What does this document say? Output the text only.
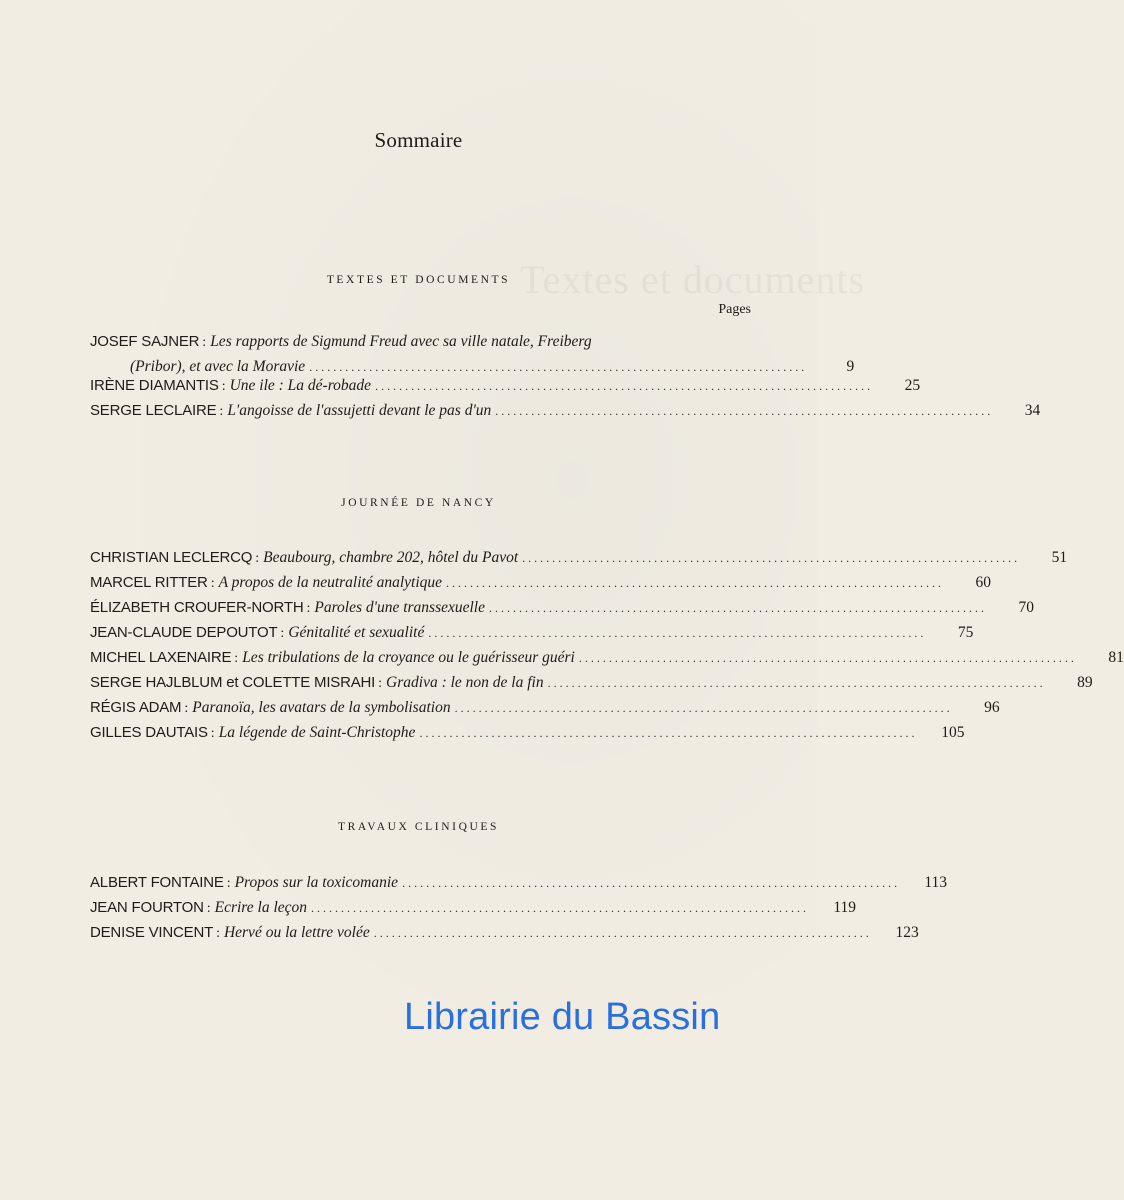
Textes et documents
Sommaire
TEXTES ET DOCUMENTS
Pages
JOSEF SAJNER : Les rapports de Sigmund Freud avec sa ville natale, Freiberg
(Pribor), et avec la Moravie . . .	9
IRÈNE DIAMANTIS : Une ile : La dé-robade . . .	25
SERGE LECLAIRE : L'angoisse de l'assujetti devant le pas d'un . . .	34
JOURNÉE DE NANCY
CHRISTIAN LECLERCQ : Beaubourg, chambre 202, hôtel du Pavot . . .	51
MARCEL RITTER : A propos de la neutralité analytique . . .	60
ÉLIZABETH CROUFER-NORTH : Paroles d'une transsexuelle . . .	70
JEAN-CLAUDE DEPOUTOT : Génitalité et sexualité . . .	75
MICHEL LAXENAIRE : Les tribulations de la croyance ou le guérisseur guéri . . .	81
SERGE HAJLBLUM et COLETTE MISRAHI : Gradiva : le non de la fin . . .	89
RÉGIS ADAM : Paranoïa, les avatars de la symbolisation . . .	96
GILLES DAUTAIS : La légende de Saint-Christophe . . .	105
TRAVAUX CLINIQUES
ALBERT FONTAINE : Propos sur la toxicomanie . . .	113
JEAN FOURTON : Ecrire la leçon . . .	119
DENISE VINCENT : Hervé ou la lettre volée . . .	123
Librairie du Bassin
